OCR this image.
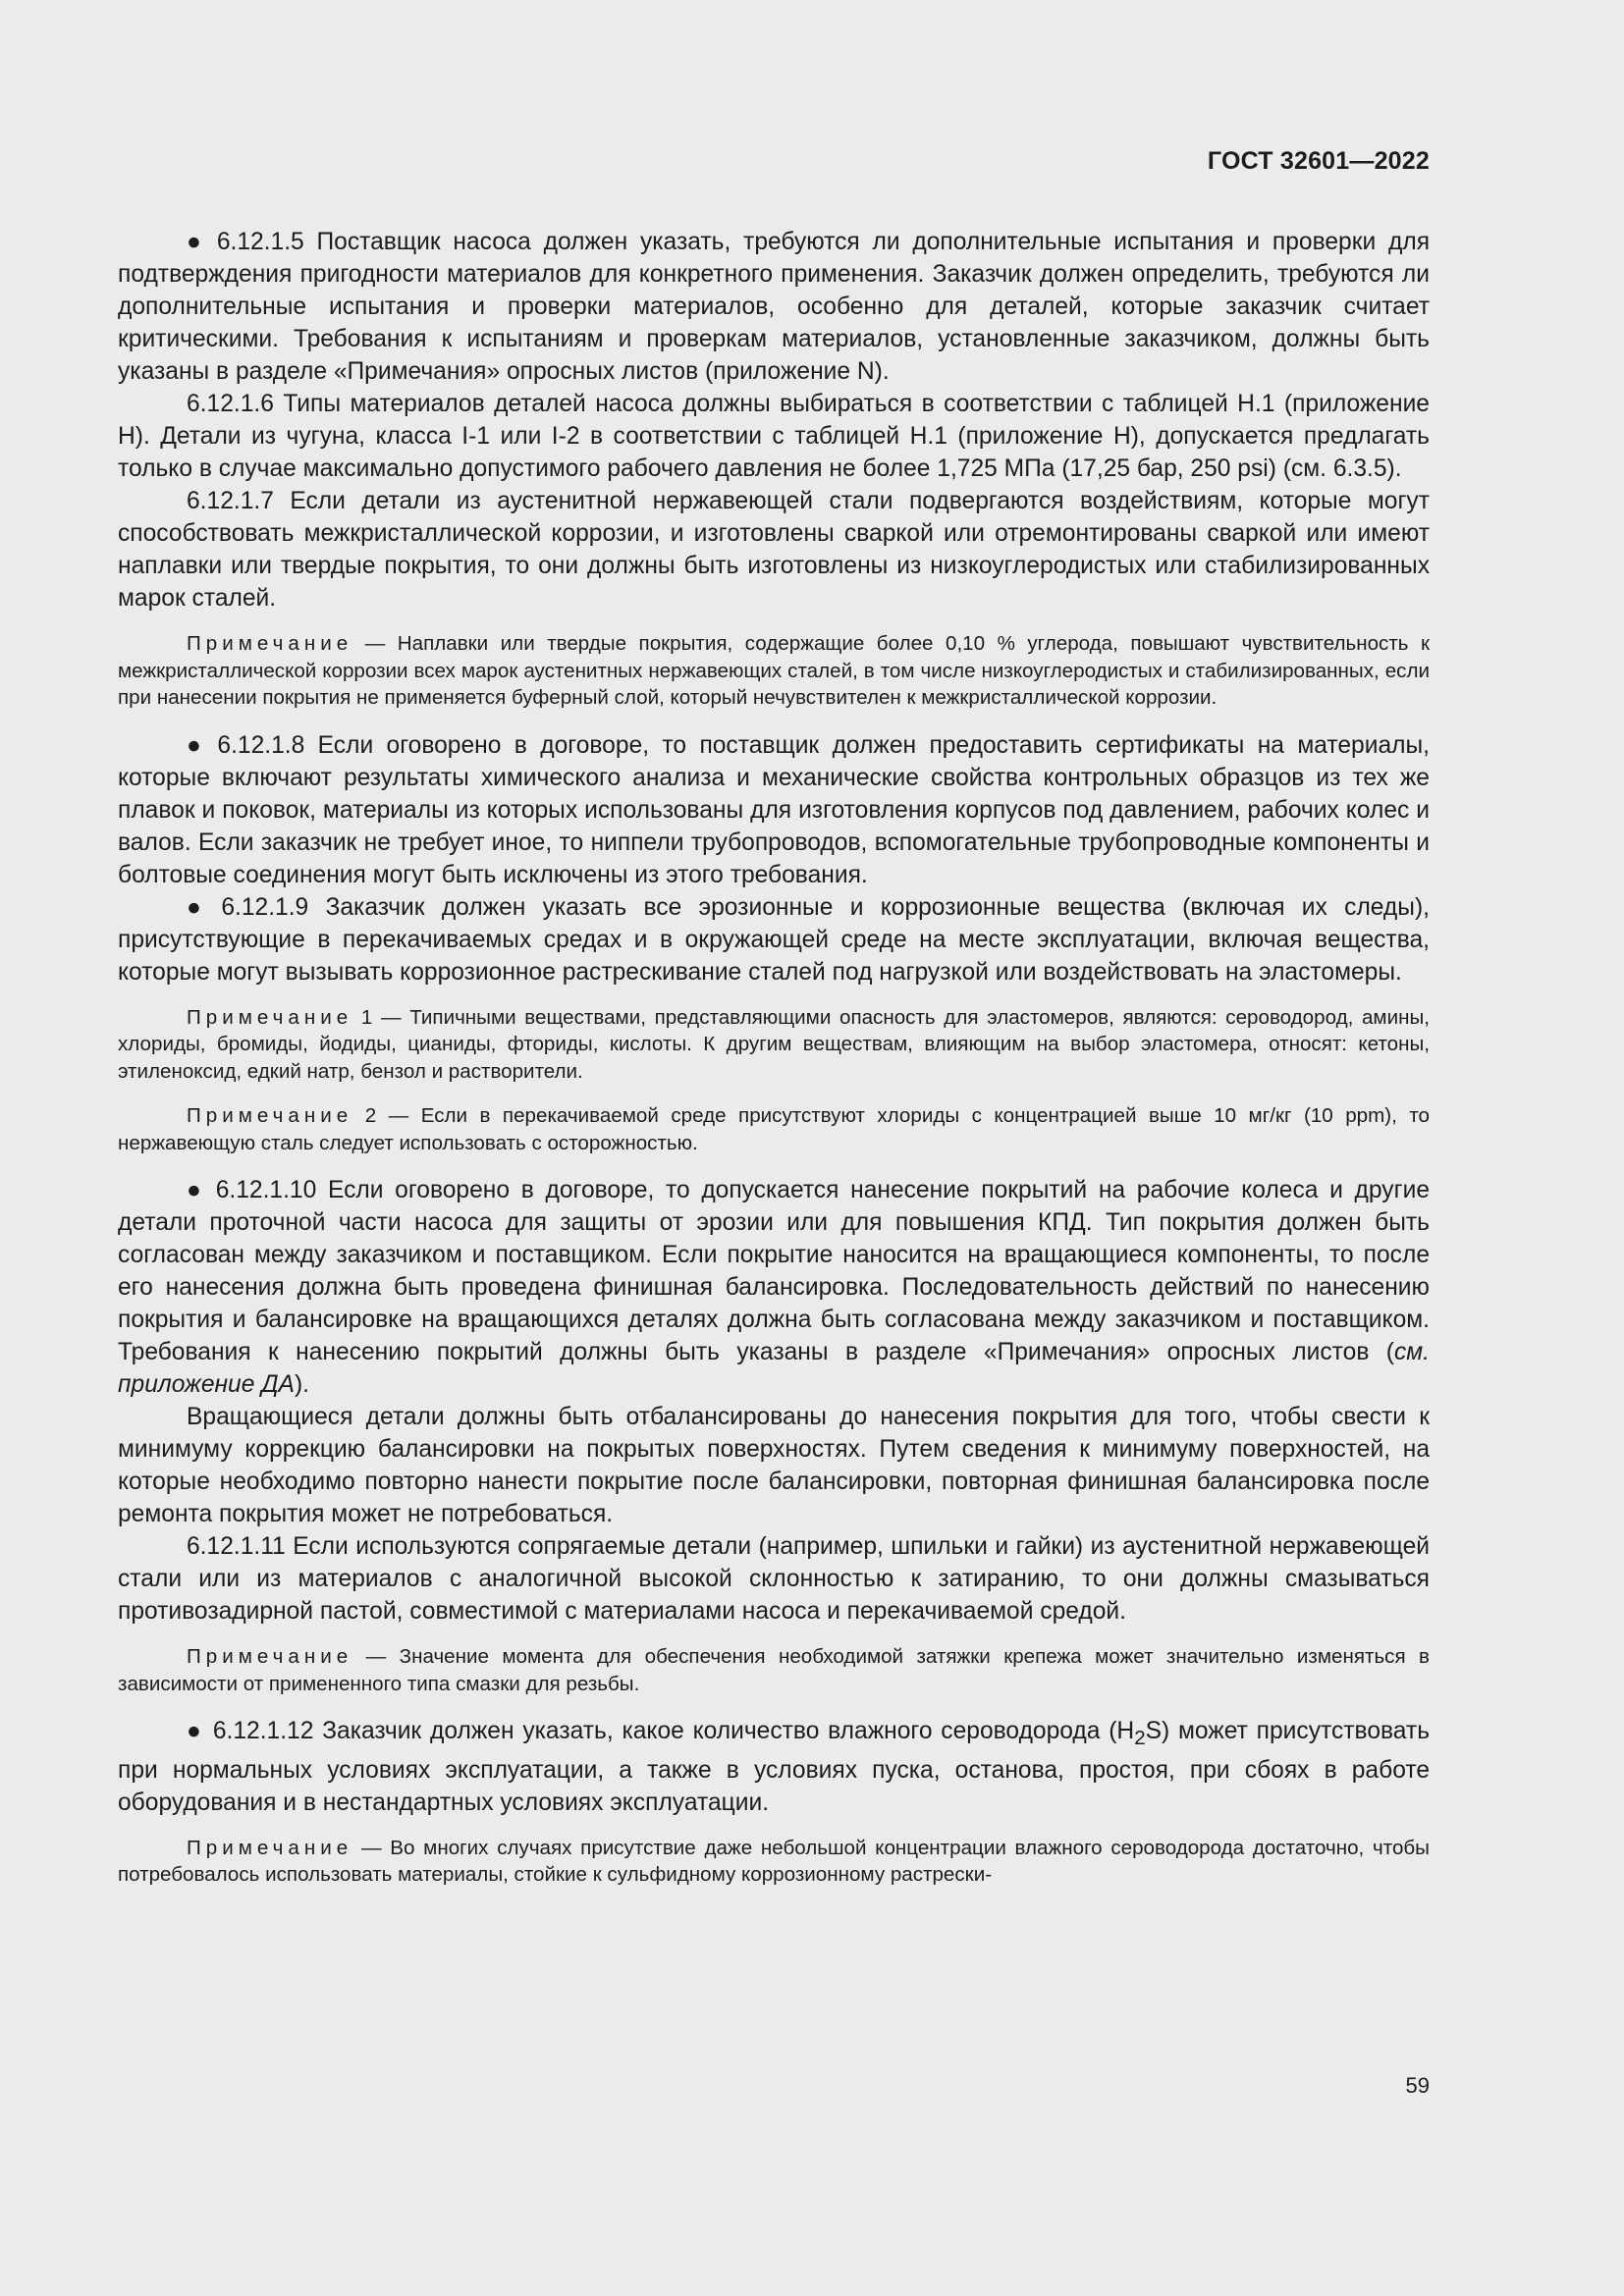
ГОСТ 32601—2022

● 6.12.1.5 Поставщик насоса должен указать, требуются ли дополнительные испытания и проверки для подтверждения пригодности материалов для конкретного применения. Заказчик должен определить, требуются ли дополнительные испытания и проверки материалов, особенно для деталей, которые заказчик считает критическими. Требования к испытаниям и проверкам материалов, установленные заказчиком, должны быть указаны в разделе «Примечания» опросных листов (приложение N).

6.12.1.6 Типы материалов деталей насоса должны выбираться в соответствии с таблицей Н.1 (приложение Н). Детали из чугуна, класса I-1 или I-2 в соответствии с таблицей Н.1 (приложение Н), допускается предлагать только в случае максимально допустимого рабочего давления не более 1,725 МПа (17,25 бар, 250 psi) (см. 6.3.5).

6.12.1.7 Если детали из аустенитной нержавеющей стали подвергаются воздействиям, которые могут способствовать межкристаллической коррозии, и изготовлены сваркой или отремонтированы сваркой или имеют наплавки или твердые покрытия, то они должны быть изготовлены из низкоуглеродистых или стабилизированных марок сталей.

Примечание — Наплавки или твердые покрытия, содержащие более 0,10 % углерода, повышают чувствительность к межкристаллической коррозии всех марок аустенитных нержавеющих сталей, в том числе низкоуглеродистых и стабилизированных, если при нанесении покрытия не применяется буферный слой, который нечувствителен к межкристаллической коррозии.

● 6.12.1.8 Если оговорено в договоре, то поставщик должен предоставить сертификаты на материалы, которые включают результаты химического анализа и механические свойства контрольных образцов из тех же плавок и поковок, материалы из которых использованы для изготовления корпусов под давлением, рабочих колес и валов. Если заказчик не требует иное, то ниппели трубопроводов, вспомогательные трубопроводные компоненты и болтовые соединения могут быть исключены из этого требования.

● 6.12.1.9 Заказчик должен указать все эрозионные и коррозионные вещества (включая их следы), присутствующие в перекачиваемых средах и в окружающей среде на месте эксплуатации, включая вещества, которые могут вызывать коррозионное растрескивание сталей под нагрузкой или воздействовать на эластомеры.

Примечание 1 — Типичными веществами, представляющими опасность для эластомеров, являются: сероводород, амины, хлориды, бромиды, йодиды, цианиды, фториды, кислоты. К другим веществам, влияющим на выбор эластомера, относят: кетоны, этиленоксид, едкий натр, бензол и растворители.

Примечание 2 — Если в перекачиваемой среде присутствуют хлориды с концентрацией выше 10 мг/кг (10 ppm), то нержавеющую сталь следует использовать с осторожностью.

● 6.12.1.10 Если оговорено в договоре, то допускается нанесение покрытий на рабочие колеса и другие детали проточной части насоса для защиты от эрозии или для повышения КПД. Тип покрытия должен быть согласован между заказчиком и поставщиком. Если покрытие наносится на вращающиеся компоненты, то после его нанесения должна быть проведена финишная балансировка. Последовательность действий по нанесению покрытия и балансировке на вращающихся деталях должна быть согласована между заказчиком и поставщиком. Требования к нанесению покрытий должны быть указаны в разделе «Примечания» опросных листов (см. приложение ДА).

Вращающиеся детали должны быть отбалансированы до нанесения покрытия для того, чтобы свести к минимуму коррекцию балансировки на покрытых поверхностях. Путем сведения к минимуму поверхностей, на которые необходимо повторно нанести покрытие после балансировки, повторная финишная балансировка после ремонта покрытия может не потребоваться.

6.12.1.11 Если используются сопрягаемые детали (например, шпильки и гайки) из аустенитной нержавеющей стали или из материалов с аналогичной высокой склонностью к затиранию, то они должны смазываться противозадирной пастой, совместимой с материалами насоса и перекачиваемой средой.

Примечание — Значение момента для обеспечения необходимой затяжки крепежа может значительно изменяться в зависимости от примененного типа смазки для резьбы.

● 6.12.1.12 Заказчик должен указать, какое количество влажного сероводорода $(H_2S)$ может присутствовать при нормальных условиях эксплуатации, а также в условиях пуска, останова, простоя, при сбоях в работе оборудования и в нестандартных условиях эксплуатации.

Примечание — Во многих случаях присутствие даже небольшой концентрации влажного сероводорода достаточно, чтобы потребовалось использовать материалы, стойкие к сульфидному коррозионному растрески-

59
